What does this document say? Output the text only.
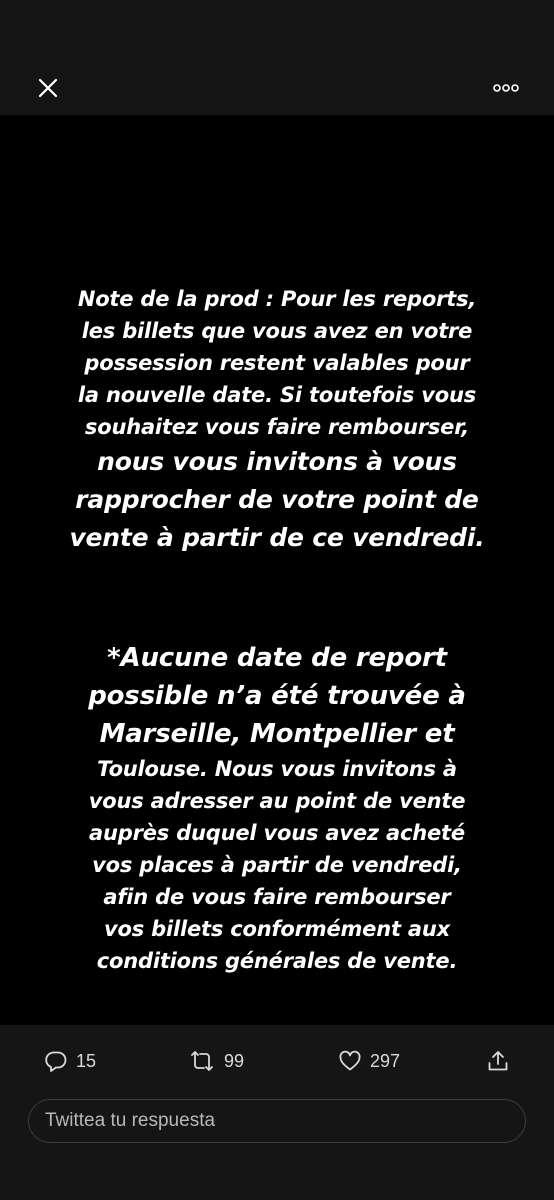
Note de la prod : Pour les reports,
les billets que vous avez en votre
possession restent valables pour
la nouvelle date. Si toutefois vous
souhaitez vous faire rembourser,
nous vous invitons à vous
rapprocher de votre point de
vente à partir de ce vendredi.

*Aucune date de report
possible n’a été trouvée à
Marseille, Montpellier et
Toulouse. Nous vous invitons à
vous adresser au point de vente
auprès duquel vous avez acheté
vos places à partir de vendredi,
afin de vous faire rembourser
vos billets conformément aux
conditions générales de vente.

15	99	297
Twittea tu respuesta
